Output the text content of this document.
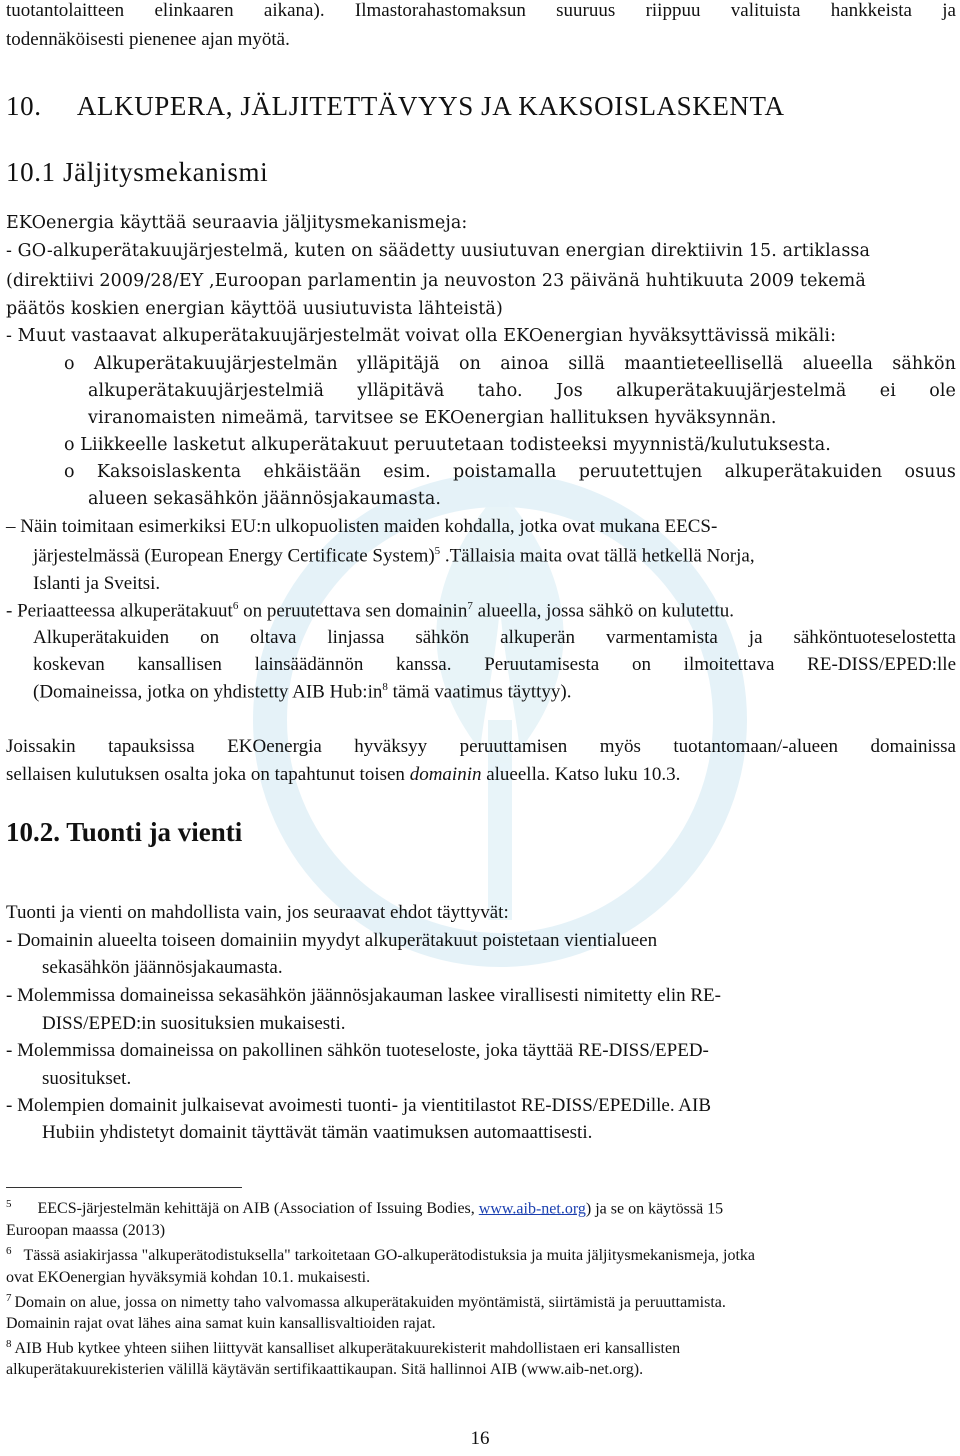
tuotantolaitteen elinkaaren aikana). Ilmastorahastomaksun suuruus riippuu valituista hankkeista ja
todennäköisesti pienenee ajan myötä.
10. ALKUPERA, JÄLJITETTÄVYYS JA KAKSOISLASKENTA
10.1 Jäljitysmekanismi
EKOenergia käyttää seuraavia jäljitysmekanismeja:
- GO-alkuperätakuujärjestelmä, kuten on säädetty uusiutuvan energian direktiivin 15. artiklassa
(direktiivi 2009/28/EY ,Euroopan parlamentin ja neuvoston 23 päivänä huhtikuuta 2009 tekemä
päätös koskien energian käyttöä uusiutuvista lähteistä)
- Muut vastaavat alkuperätakuujärjestelmät voivat olla EKOenergian hyväksyttävissä mikäli:
o Alkuperätakuujärjestelmän ylläpitäjä on ainoa sillä maantieteellisellä alueella sähkön
alkuperätakuujärjestelmiä ylläpitävä taho. Jos alkuperätakuujärjestelmä ei ole
viranomaisten nimeämä, tarvitsee se EKOenergian hallituksen hyväksynnän.
o Liikkeelle lasketut alkuperätakuut peruutetaan todisteeksi myynnistä/kulutuksesta.
o Kaksoislaskenta ehkäistään esim. poistamalla peruutettujen alkuperätakuiden osuus
alueen sekasähkön jäännösjakaumasta.
– Näin toimitaan esimerkiksi EU:n ulkopuolisten maiden kohdalla, jotka ovat mukana EECS-
järjestelmässä (European Energy Certificate System)$^5$ .Tällaisia maita ovat tällä hetkellä Norja,
Islanti ja Sveitsi.
- Periaatteessa alkuperätakuut$^6$ on peruutettava sen domainin$^7$ alueella, jossa sähkö on kulutettu.
Alkuperätakuiden on oltava linjassa sähkön alkuperän varmentamista ja sähköntuoteselostetta
koskevan kansallisen lainsäädännön kanssa. Peruutamisesta on ilmoitettava RE-DISS/EPED:lle
(Domaineissa, jotka on yhdistetty AIB $Hub:in^8$ tämä vaatimus täyttyy).
Joissakin tapauksissa EKOenergia hyväksyy peruuttamisen myös tuotantomaan/-alueen domainissa
sellaisen kulutuksen osalta joka on tapahtunut toisen domainin alueella. Katso luku 10.3.
10.2. Tuonti ja vienti
Tuonti ja vienti on mahdollista vain, jos seuraavat ehdot täyttyvät:
- Domainin alueelta toiseen domainiin myydyt alkuperätakuut poistetaan vientialueen
sekasähkön jäännösjakaumasta.
- Molemmissa domaineissa sekasähkön jäännösjakauman laskee virallisesti nimitetty elin RE-
DISS/EPED:in suosituksien mukaisesti.
- Molemmissa domaineissa on pakollinen sähkön tuoteseloste, joka täyttää RE-DISS/EPED-
suositukset.
- Molempien domainit julkaisevat avoimesti tuonti- ja vientitilastot RE-DISS/EPEDille. AIB
Hubiin yhdistetyt domainit täyttävät tämän vaatimuksen automaattisesti.
$^5$ EECS-järjestelmän kehittäjä on AIB (Association of Issuing Bodies, www.aib-net.org) ja se on käytössä 15
Euroopan maassa (2013)
$^6$ Tässä asiakirjassa "alkuperätodistuksella" tarkoitetaan GO-alkuperätodistuksia ja muita jäljitysmekanismeja, jotka
ovat EKOenergian hyväksymiä kohdan 10.1. mukaisesti.
$^7$ Domain on alue, jossa on nimetty taho valvomassa alkuperätakuiden myöntämistä, siirtämistä ja peruuttamista.
Domainin rajat ovat lähes aina samat kuin kansallisvaltioiden rajat.
$^8$ AIB Hub kytkee yhteen siihen liittyvät kansalliset alkuperätakuurekisterit mahdollistaen eri kansallisten
alkuperätakuurekisterien välillä käytävän sertifikaattikaupan. Sitä hallinnoi AIB (www.aib-net.org).
16
